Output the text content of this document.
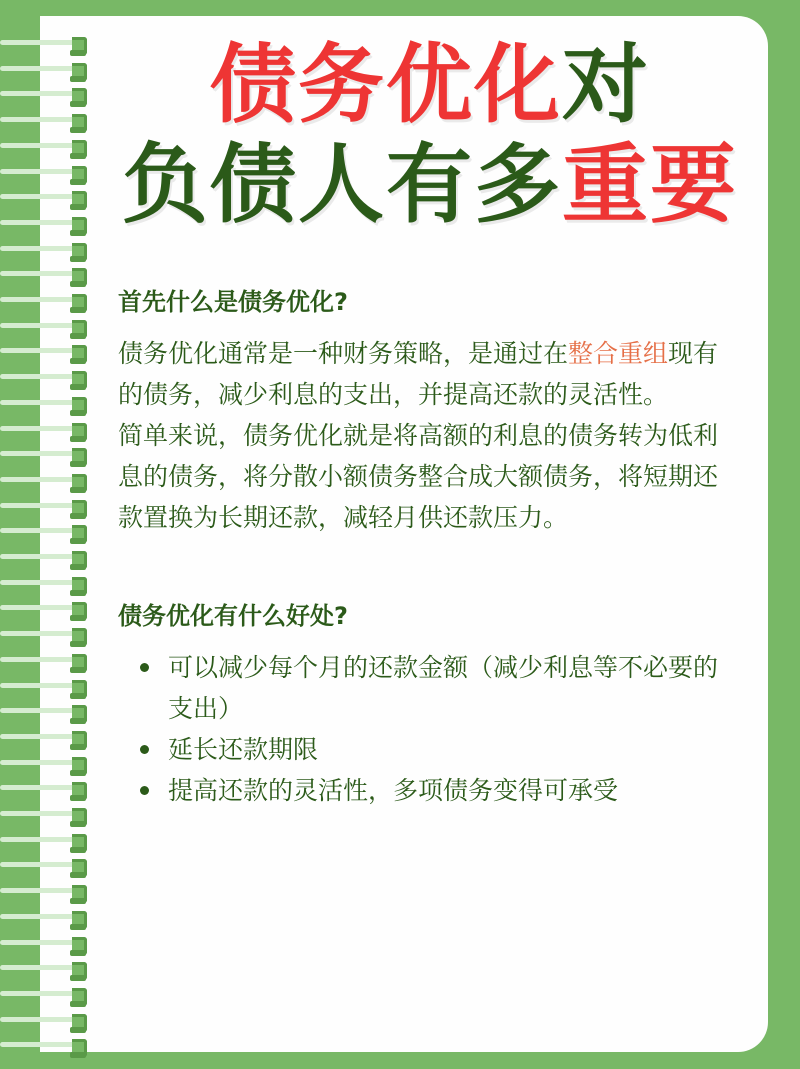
债务优化对
负债人有多重要

首先什么是债务优化?

债务优化通常是一种财务策略，是通过在整合重组现有的债务，减少利息的支出，并提高还款的灵活性。

简单来说，债务优化就是将高额的利息的债务转为低利息的债务，将分散小额债务整合成大额债务，将短期还款置换为长期还款，减轻月供还款压力。

债务优化有什么好处?

可以减少每个月的还款金额（减少利息等不必要的支出）
延长还款期限
提高还款的灵活性，多项债务变得可承受
